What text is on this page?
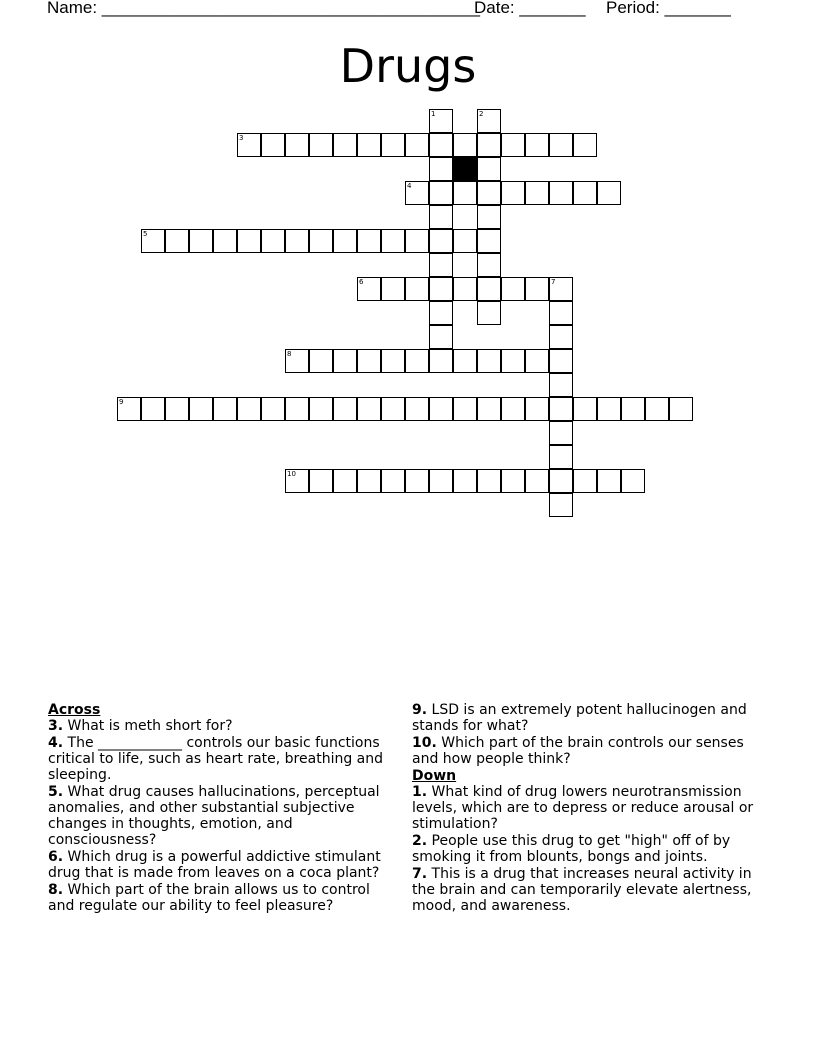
Name: ________________________________________
Date: _______ Period: _______
Drugs
3
4
5
6
8
9
10
1	2
7
Across
3. What is meth short for?
4. The ____________ controls our basic functions critical to life, such as heart rate, breathing and sleeping.
5. What drug causes hallucinations, perceptual anomalies, and other substantial subjective changes in thoughts, emotion, and consciousness?
6. Which drug is a powerful addictive stimulant drug that is made from leaves on a coca plant?
8. Which part of the brain allows us to control and regulate our ability to feel pleasure?
9. LSD is an extremely potent hallucinogen and stands for what?
10. Which part of the brain controls our senses and how people think?
Down
1. What kind of drug lowers neurotransmission levels, which are to depress or reduce arousal or stimulation?
2. People use this drug to get "high" off of by smoking it from blounts, bongs and joints.
7. This is a drug that increases neural activity in the brain and can temporarily elevate alertness, mood, and awareness.
